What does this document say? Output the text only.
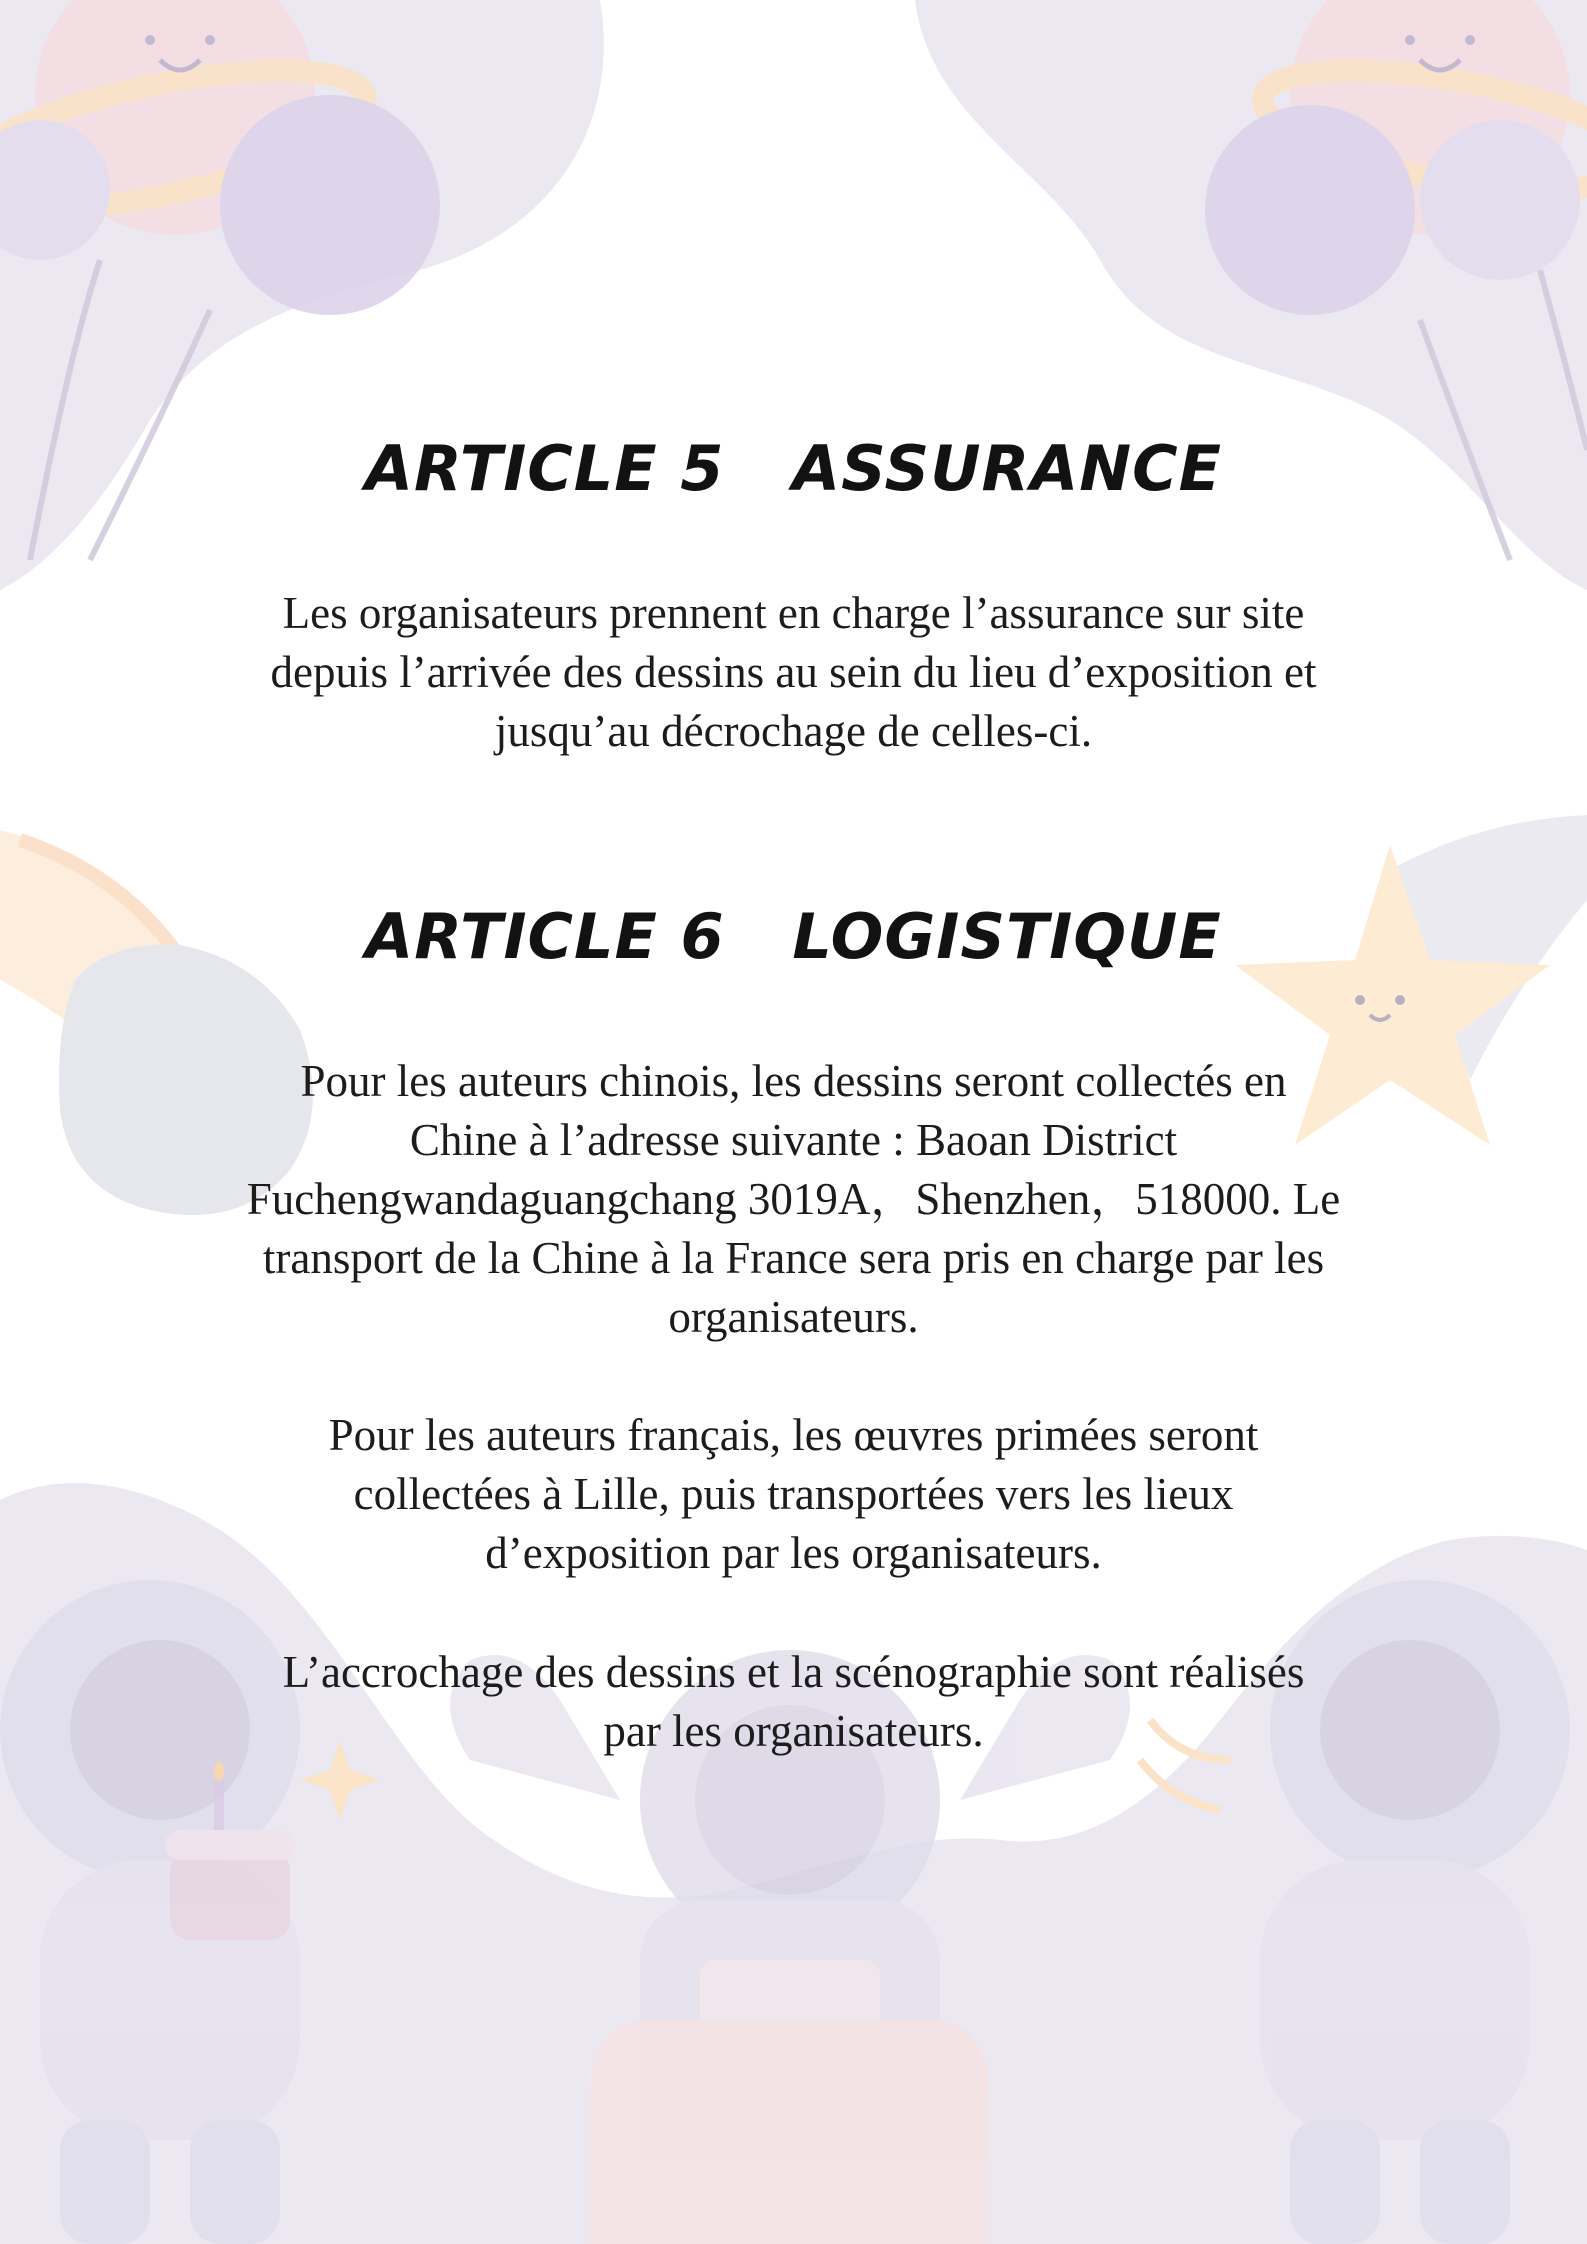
ARTICLE 5   ASSURANCE
Les organisateurs prennent en charge l’assurance sur site
depuis l’arrivée des dessins au sein du lieu d’exposition et
jusqu’au décrochage de celles-ci.
ARTICLE 6   LOGISTIQUE
Pour les auteurs chinois, les dessins seront collectés en
Chine à l’adresse suivante : Baoan District
Fuchengwandaguangchang 3019A，Shenzhen，518000. Le
transport de la Chine à la France sera pris en charge par les
organisateurs.
Pour les auteurs français, les œuvres primées seront
collectées à Lille, puis transportées vers les lieux
d’exposition par les organisateurs.
L’accrochage des dessins et la scénographie sont réalisés
par les organisateurs.
